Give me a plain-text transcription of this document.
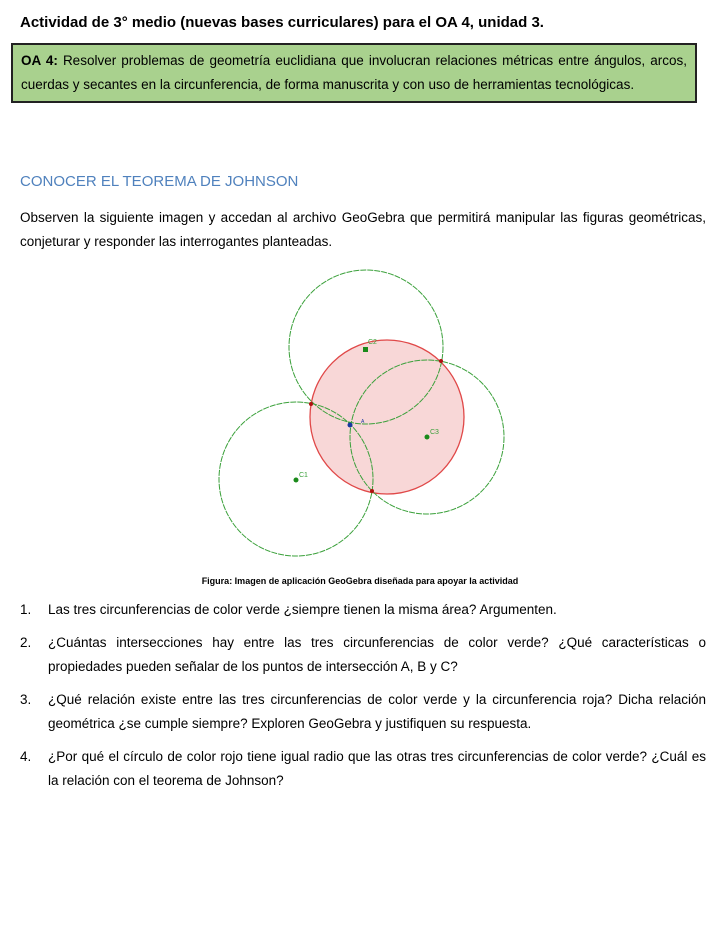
Actividad de 3° medio (nuevas bases curriculares) para el OA 4, unidad 3.
OA 4: Resolver problemas de geometría euclidiana que involucran relaciones métricas entre ángulos, arcos, cuerdas y secantes en la circunferencia, de forma manuscrita y con uso de herramientas tecnológicas.
CONOCER EL TEOREMA DE JOHNSON
Observen la siguiente imagen y accedan al archivo GeoGebra que permitirá manipular las figuras geométricas, conjeturar y responder las interrogantes planteadas.
C2
C1
C3
A
Figura: Imagen de aplicación GeoGebra diseñada para apoyar la actividad
1. Las tres circunferencias de color verde ¿siempre tienen la misma área? Argumenten.
2. ¿Cuántas intersecciones hay entre las tres circunferencias de color verde? ¿Qué características o propiedades pueden señalar de los puntos de intersección A, B y C?
3. ¿Qué relación existe entre las tres circunferencias de color verde y la circunferencia roja? Dicha relación geométrica ¿se cumple siempre? Exploren GeoGebra y justifiquen su respuesta.
4. ¿Por qué el círculo de color rojo tiene igual radio que las otras tres circunferencias de color verde? ¿Cuál es la relación con el teorema de Johnson?
